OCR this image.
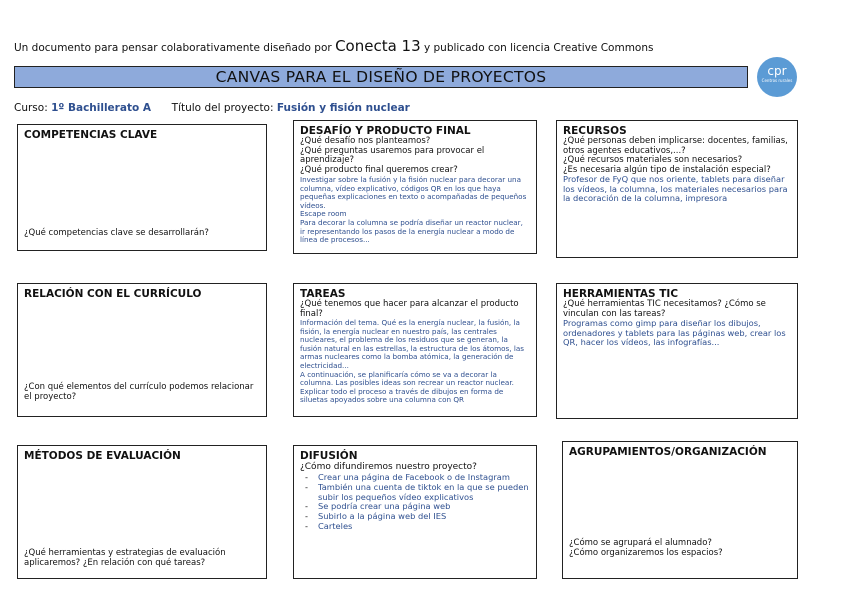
Un documento para pensar colaborativamente diseñado por Conecta 13 y publicado con licencia Creative Commons
CANVAS PARA EL DISEÑO DE PROYECTOS	cpr
Centros rurales
Curso: 1º Bachillerato A Título del proyecto: Fusión y fisión nuclear
COMPETENCIAS CLAVE
¿Qué competencias clave se desarrollarán?
DESAFÍO Y PRODUCTO FINAL
¿Qué desafío nos planteamos?
¿Qué preguntas usaremos para provocar el aprendizaje?
¿Qué producto final queremos crear?
Investigar sobre la fusión y la fisión nuclear para decorar una columna, vídeo explicativo, códigos QR en los que haya pequeñas explicaciones en texto o acompañadas de pequeños vídeos.
Escape room
Para decorar la columna se podría diseñar un reactor nuclear, ir representando los pasos de la energía nuclear a modo de línea de procesos...
RECURSOS
¿Qué personas deben implicarse: docentes, familias, otros agentes educativos,...?
¿Qué recursos materiales son necesarios?
¿Es necesaria algún tipo de instalación especial?
Profesor de FyQ que nos oriente, tablets para diseñar los vídeos, la columna, los materiales necesarios para la decoración de la columna, impresora
RELACIÓN CON EL CURRÍCULO
¿Con qué elementos del currículo podemos relacionar el proyecto?
TAREAS
¿Qué tenemos que hacer para alcanzar el producto final?
Información del tema. Qué es la energía nuclear, la fusión, la fisión, la energía nuclear en nuestro país, las centrales nucleares, el problema de los residuos que se generan, la fusión natural en las estrellas, la estructura de los átomos, las armas nucleares como la bomba atómica, la generación de electricidad...
A continuación, se planificaría cómo se va a decorar la columna. Las posibles ideas son recrear un reactor nuclear. Explicar todo el proceso a través de dibujos en forma de siluetas apoyados sobre una columna con QR
HERRAMIENTAS TIC
¿Qué herramientas TIC necesitamos? ¿Cómo se vinculan con las tareas?
Programas como gimp para diseñar los dibujos, ordenadores y tablets para las páginas web, crear los QR, hacer los vídeos, las infografías...
MÉTODOS DE EVALUACIÓN
¿Qué herramientas y estrategias de evaluación aplicaremos? ¿En relación con qué tareas?
DIFUSIÓN
¿Cómo difundiremos nuestro proyecto?
- Crear una página de Facebook o de Instagram
- También una cuenta de tiktok en la que se pueden subir los pequeños vídeo explicativos
- Se podría crear una página web
- Subirlo a la página web del IES
- Carteles
AGRUPAMIENTOS/ORGANIZACIÓN
¿Cómo se agrupará el alumnado?
¿Cómo organizaremos los espacios?
